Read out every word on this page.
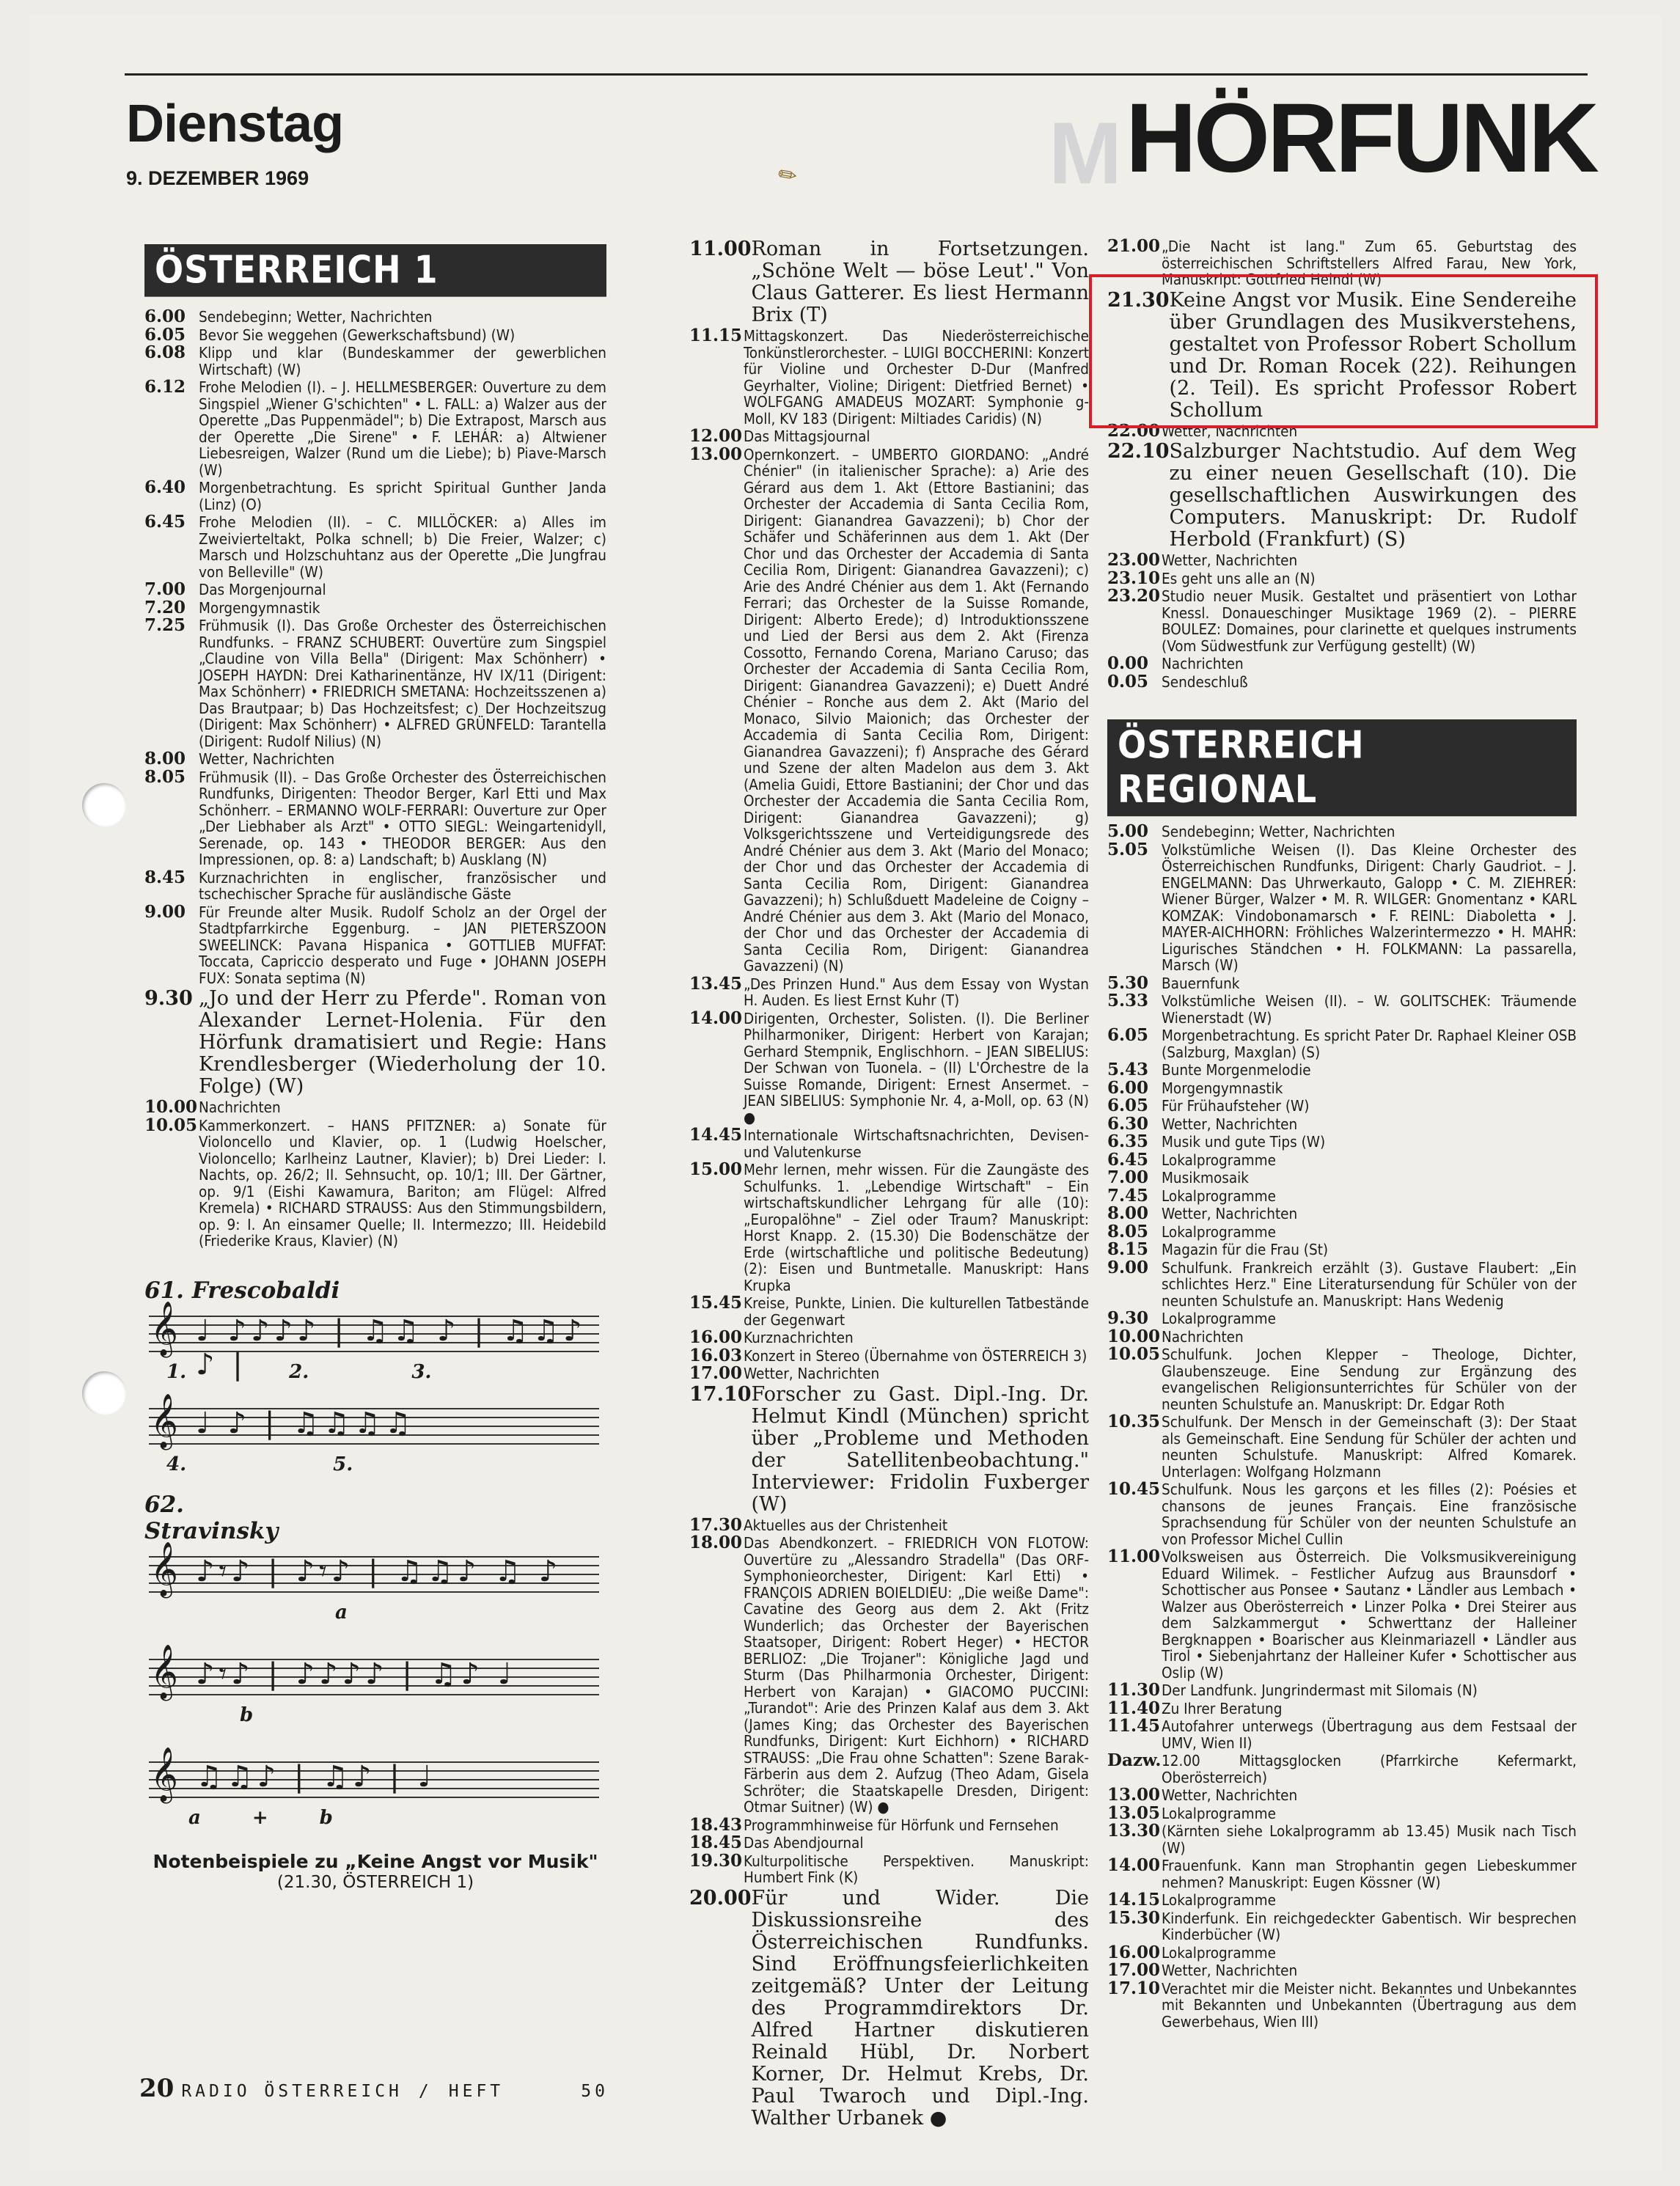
✎
Dienstag
9. DEZEMBER 1969	M HÖRFUNK
ÖSTERREICH 1
6.00 Sendebeginn; Wetter, Nachrichten
6.05 Bevor Sie weggehen (Gewerkschaftsbund) (W)
6.08 Klipp und klar (Bundeskammer der gewerblichen Wirtschaft) (W)
6.12 Frohe Melodien (I). – J. HELLMESBERGER: Ouverture zu dem Singspiel „Wiener G'schichten" • L. FALL: a) Walzer aus der Operette „Das Puppenmädel"; b) Die Extrapost, Marsch aus der Operette „Die Sirene" • F. LEHÁR: a) Altwiener Liebesreigen, Walzer (Rund um die Liebe); b) Piave-Marsch (W)
6.40 Morgenbetrachtung. Es spricht Spiritual Gunther Janda (Linz) (O)
6.45 Frohe Melodien (II). – C. MILLÖCKER: a) Alles im Zweivierteltakt, Polka schnell; b) Die Freier, Walzer; c) Marsch und Holzschuhtanz aus der Operette „Die Jungfrau von Belleville" (W)
7.00 Das Morgenjournal
7.20 Morgengymnastik
7.25 Frühmusik (I). Das Große Orchester des Österreichischen Rundfunks. – FRANZ SCHUBERT: Ouvertüre zum Singspiel „Claudine von Villa Bella" (Dirigent: Max Schönherr) • JOSEPH HAYDN: Drei Katharinentänze, HV IX/11 (Dirigent: Max Schönherr) • FRIEDRICH SMETANA: Hochzeitsszenen a) Das Brautpaar; b) Das Hochzeitsfest; c) Der Hochzeitszug (Dirigent: Max Schönherr) • ALFRED GRÜNFELD: Tarantella (Dirigent: Rudolf Nilius) (N)
8.00 Wetter, Nachrichten
8.05 Frühmusik (II). – Das Große Orchester des Österreichischen Rundfunks, Dirigenten: Theodor Berger, Karl Etti und Max Schönherr. – ERMANNO WOLF-FERRARI: Ouverture zur Oper „Der Liebhaber als Arzt" • OTTO SIEGL: Weingartenidyll, Serenade, op. 143 • THEODOR BERGER: Aus den Impressionen, op. 8: a) Landschaft; b) Ausklang (N)
8.45 Kurznachrichten in englischer, französischer und tschechischer Sprache für ausländische Gäste
9.00 Für Freunde alter Musik. Rudolf Scholz an der Orgel der Stadtpfarrkirche Eggenburg. – JAN PIETERSZOON SWEELINCK: Pavana Hispanica • GOTTLIEB MUFFAT: Toccata, Capriccio desperato und Fuge • JOHANN JOSEPH FUX: Sonata septima (N)
9.30 „Jo und der Herr zu Pferde". Roman von Alexander Lernet-Holenia. Für den Hörfunk dramatisiert und Regie: Hans Krendlesberger (Wiederholung der 10. Folge) (W)
10.00 Nachrichten
10.05 Kammerkonzert. – HANS PFITZNER: a) Sonate für Violoncello und Klavier, op. 1 (Ludwig Hoelscher, Violoncello; Karlheinz Lautner, Klavier); b) Drei Lieder: I. Nachts, op. 26/2; II. Sehnsucht, op. 10/1; III. Der Gärtner, op. 9/1 (Eishi Kawamura, Bariton; am Flügel: Alfred Kremela) • RICHARD STRAUSS: Aus den Stimmungsbildern, op. 9: I. An einsamer Quelle; II. Intermezzo; III. Heidebild (Friederike Kraus, Klavier) (N)
61. Frescobaldi
𝄞 ♩ ♪♪♪♪ | ♫♫ ♪ | ♫♫♪ ♪ |
1.	2.	3.
𝄞 ♩ ♪ | ♫♫♫♫
4.	5.
62.
Stravinsky
𝄞 ♪𝄾♪ | ♪𝄾♪ | ♫♫♪ ♫ ♪
a
𝄞 ♪𝄾♪ | ♪♪♪♪ | ♫♪ ♩
b
𝄞 ♫♫♪ | ♫♪ | ♩
a	+	b
Notenbeispiele zu „Keine Angst vor Musik"
(21.30, ÖSTERREICH 1)
20 RADIO ÖSTERREICH / HEFT	50
11.00 Roman in Fortsetzungen. „Schöne Welt — böse Leut'." Von Claus Gatterer. Es liest Hermann Brix (T)
11.15 Mittagskonzert. Das Niederösterreichische Tonkünstlerorchester. – LUIGI BOCCHERINI: Konzert für Violine und Orchester D-Dur (Manfred Geyrhalter, Violine; Dirigent: Dietfried Bernet) • WOLFGANG AMADEUS MOZART: Symphonie g-Moll, KV 183 (Dirigent: Miltiades Caridis) (N)
12.00 Das Mittagsjournal
13.00 Opernkonzert. – UMBERTO GIORDANO: „André Chénier" (in italienischer Sprache): a) Arie des Gérard aus dem 1. Akt (Ettore Bastianini; das Orchester der Accademia di Santa Cecilia Rom, Dirigent: Gianandrea Gavazzeni); b) Chor der Schäfer und Schäferinnen aus dem 1. Akt (Der Chor und das Orchester der Accademia di Santa Cecilia Rom, Dirigent: Gianandrea Gavazzeni); c) Arie des André Chénier aus dem 1. Akt (Fernando Ferrari; das Orchester de la Suisse Romande, Dirigent: Alberto Erede); d) Introduktionsszene und Lied der Bersi aus dem 2. Akt (Firenza Cossotto, Fernando Corena, Mariano Caruso; das Orchester der Accademia di Santa Cecilia Rom, Dirigent: Gianandrea Gavazzeni); e) Duett André Chénier – Ronche aus dem 2. Akt (Mario del Monaco, Silvio Maionich; das Orchester der Accademia di Santa Cecilia Rom, Dirigent: Gianandrea Gavazzeni); f) Ansprache des Gérard und Szene der alten Madelon aus dem 3. Akt (Amelia Guidi, Ettore Bastianini; der Chor und das Orchester der Accademia die Santa Cecilia Rom, Dirigent: Gianandrea Gavazzeni); g) Volksgerichtsszene und Verteidigungsrede des André Chénier aus dem 3. Akt (Mario del Monaco; der Chor und das Orchester der Accademia di Santa Cecilia Rom, Dirigent: Gianandrea Gavazzeni); h) Schlußduett Madeleine de Coigny – André Chénier aus dem 3. Akt (Mario del Monaco, der Chor und das Orchester der Accademia di Santa Cecilia Rom, Dirigent: Gianandrea Gavazzeni) (N)
13.45 „Des Prinzen Hund." Aus dem Essay von Wystan H. Auden. Es liest Ernst Kuhr (T)
14.00 Dirigenten, Orchester, Solisten. (I). Die Berliner Philharmoniker, Dirigent: Herbert von Karajan; Gerhard Stempnik, Englischhorn. – JEAN SIBELIUS: Der Schwan von Tuonela. – (II) L'Orchestre de la Suisse Romande, Dirigent: Ernest Ansermet. – JEAN SIBELIUS: Symphonie Nr. 4, a-Moll, op. 63 (N) ●
14.45 Internationale Wirtschaftsnachrichten, Devisen- und Valutenkurse
15.00 Mehr lernen, mehr wissen. Für die Zaungäste des Schulfunks. 1. „Lebendige Wirtschaft" – Ein wirtschaftskundlicher Lehrgang für alle (10): „Europalöhne" – Ziel oder Traum? Manuskript: Horst Knapp. 2. (15.30) Die Bodenschätze der Erde (wirtschaftliche und politische Bedeutung) (2): Eisen und Buntmetalle. Manuskript: Hans Krupka
15.45 Kreise, Punkte, Linien. Die kulturellen Tatbestände der Gegenwart
16.00 Kurznachrichten
16.03 Konzert in Stereo (Übernahme von ÖSTERREICH 3)
17.00 Wetter, Nachrichten
17.10 Forscher zu Gast. Dipl.-Ing. Dr. Helmut Kindl (München) spricht über „Probleme und Methoden der Satellitenbeobachtung." Interviewer: Fridolin Fuxberger (W)
17.30 Aktuelles aus der Christenheit
18.00 Das Abendkonzert. – FRIEDRICH VON FLOTOW: Ouvertüre zu „Alessandro Stradella" (Das ORF-Symphonieorchester, Dirigent: Karl Etti) • FRANÇOIS ADRIEN BOIELDIEU: „Die weiße Dame": Cavatine des Georg aus dem 2. Akt (Fritz Wunderlich; das Orchester der Bayerischen Staatsoper, Dirigent: Robert Heger) • HECTOR BERLIOZ: „Die Trojaner": Königliche Jagd und Sturm (Das Philharmonia Orchester, Dirigent: Herbert von Karajan) • GIACOMO PUCCINI: „Turandot": Arie des Prinzen Kalaf aus dem 3. Akt (James King; das Orchester des Bayerischen Rundfunks, Dirigent: Kurt Eichhorn) • RICHARD STRAUSS: „Die Frau ohne Schatten": Szene Barak-Färberin aus dem 2. Aufzug (Theo Adam, Gisela Schröter; die Staatskapelle Dresden, Dirigent: Otmar Suitner) (W) ●
18.43 Programmhinweise für Hörfunk und Fernsehen
18.45 Das Abendjournal
19.30 Kulturpolitische Perspektiven. Manuskript: Humbert Fink (K)
20.00 Für und Wider. Die Diskussionsreihe des Österreichischen Rundfunks. Sind Eröffnungsfeierlichkeiten zeitgemäß? Unter der Leitung des Programmdirektors Dr. Alfred Hartner diskutieren Reinald Hübl, Dr. Norbert Korner, Dr. Helmut Krebs, Dr. Paul Twaroch und Dipl.-Ing. Walther Urbanek ●
21.00 „Die Nacht ist lang." Zum 65. Geburtstag des österreichischen Schriftstellers Alfred Farau, New York, Manuskript: Gottfried Heindl (W)
21.30 Keine Angst vor Musik. Eine Sendereihe über Grundlagen des Musikverstehens, gestaltet von Professor Robert Schollum und Dr. Roman Rocek (22). Reihungen (2. Teil). Es spricht Professor Robert Schollum
22.00 Wetter, Nachrichten
22.10 Salzburger Nachtstudio. Auf dem Weg zu einer neuen Gesellschaft (10). Die gesellschaftlichen Auswirkungen des Computers. Manuskript: Dr. Rudolf Herbold (Frankfurt) (S)
23.00 Wetter, Nachrichten
23.10 Es geht uns alle an (N)
23.20 Studio neuer Musik. Gestaltet und präsentiert von Lothar Knessl. Donaueschinger Musiktage 1969 (2). – PIERRE BOULEZ: Domaines, pour clarinette et quelques instruments (Vom Südwestfunk zur Verfügung gestellt) (W)
0.00 Nachrichten
0.05 Sendeschluß
ÖSTERREICH REGIONAL
5.00 Sendebeginn; Wetter, Nachrichten
5.05 Volkstümliche Weisen (I). Das Kleine Orchester des Österreichischen Rundfunks, Dirigent: Charly Gaudriot. – J. ENGELMANN: Das Uhrwerkauto, Galopp • C. M. ZIEHRER: Wiener Bürger, Walzer • M. R. WILGER: Gnomentanz • KARL KOMZAK: Vindobonamarsch • F. REINL: Diaboletta • J. MAYER-AICHHORN: Fröhliches Walzerintermezzo • H. MAHR: Ligurisches Ständchen • H. FOLKMANN: La passarella, Marsch (W)
5.30 Bauernfunk
5.33 Volkstümliche Weisen (II). – W. GOLITSCHEK: Träumende Wienerstadt (W)
6.05 Morgenbetrachtung. Es spricht Pater Dr. Raphael Kleiner OSB (Salzburg, Maxglan) (S)
5.43 Bunte Morgenmelodie
6.00 Morgengymnastik
6.05 Für Frühaufsteher (W)
6.30 Wetter, Nachrichten
6.35 Musik und gute Tips (W)
6.45 Lokalprogramme
7.00 Musikmosaik
7.45 Lokalprogramme
8.00 Wetter, Nachrichten
8.05 Lokalprogramme
8.15 Magazin für die Frau (St)
9.00 Schulfunk. Frankreich erzählt (3). Gustave Flaubert: „Ein schlichtes Herz." Eine Literatursendung für Schüler von der neunten Schulstufe an. Manuskript: Hans Wedenig
9.30 Lokalprogramme
10.00 Nachrichten
10.05 Schulfunk. Jochen Klepper – Theologe, Dichter, Glaubenszeuge. Eine Sendung zur Ergänzung des evangelischen Religionsunterrichtes für Schüler von der neunten Schulstufe an. Manuskript: Dr. Edgar Roth
10.35 Schulfunk. Der Mensch in der Gemeinschaft (3): Der Staat als Gemeinschaft. Eine Sendung für Schüler der achten und neunten Schulstufe. Manuskript: Alfred Komarek. Unterlagen: Wolfgang Holzmann
10.45 Schulfunk. Nous les garçons et les filles (2): Poésies et chansons de jeunes Français. Eine französische Sprachsendung für Schüler von der neunten Schulstufe an von Professor Michel Cullin
11.00 Volksweisen aus Österreich. Die Volksmusikvereinigung Eduard Wilimek. – Festlicher Aufzug aus Braunsdorf • Schottischer aus Ponsee • Sautanz • Ländler aus Lembach • Walzer aus Oberösterreich • Linzer Polka • Drei Steirer aus dem Salzkammergut • Schwerttanz der Halleiner Bergknappen • Boarischer aus Kleinmariazell • Ländler aus Tirol • Siebenjahrtanz der Halleiner Kufer • Schottischer aus Oslip (W)
11.30 Der Landfunk. Jungrindermast mit Silomais (N)
11.40 Zu Ihrer Beratung
11.45 Autofahrer unterwegs (Übertragung aus dem Festsaal der UMV, Wien II)
Dazw. 12.00 Mittagsglocken (Pfarrkirche Kefermarkt, Oberösterreich)
13.00 Wetter, Nachrichten
13.05 Lokalprogramme
13.30 (Kärnten siehe Lokalprogramm ab 13.45) Musik nach Tisch (W)
14.00 Frauenfunk. Kann man Strophantin gegen Liebeskummer nehmen? Manuskript: Eugen Kössner (W)
14.15 Lokalprogramme
15.30 Kinderfunk. Ein reichgedeckter Gabentisch. Wir besprechen Kinderbücher (W)
16.00 Lokalprogramme
17.00 Wetter, Nachrichten
17.10 Verachtet mir die Meister nicht. Bekanntes und Unbekanntes mit Bekannten und Unbekannten (Übertragung aus dem Gewerbehaus, Wien III)
